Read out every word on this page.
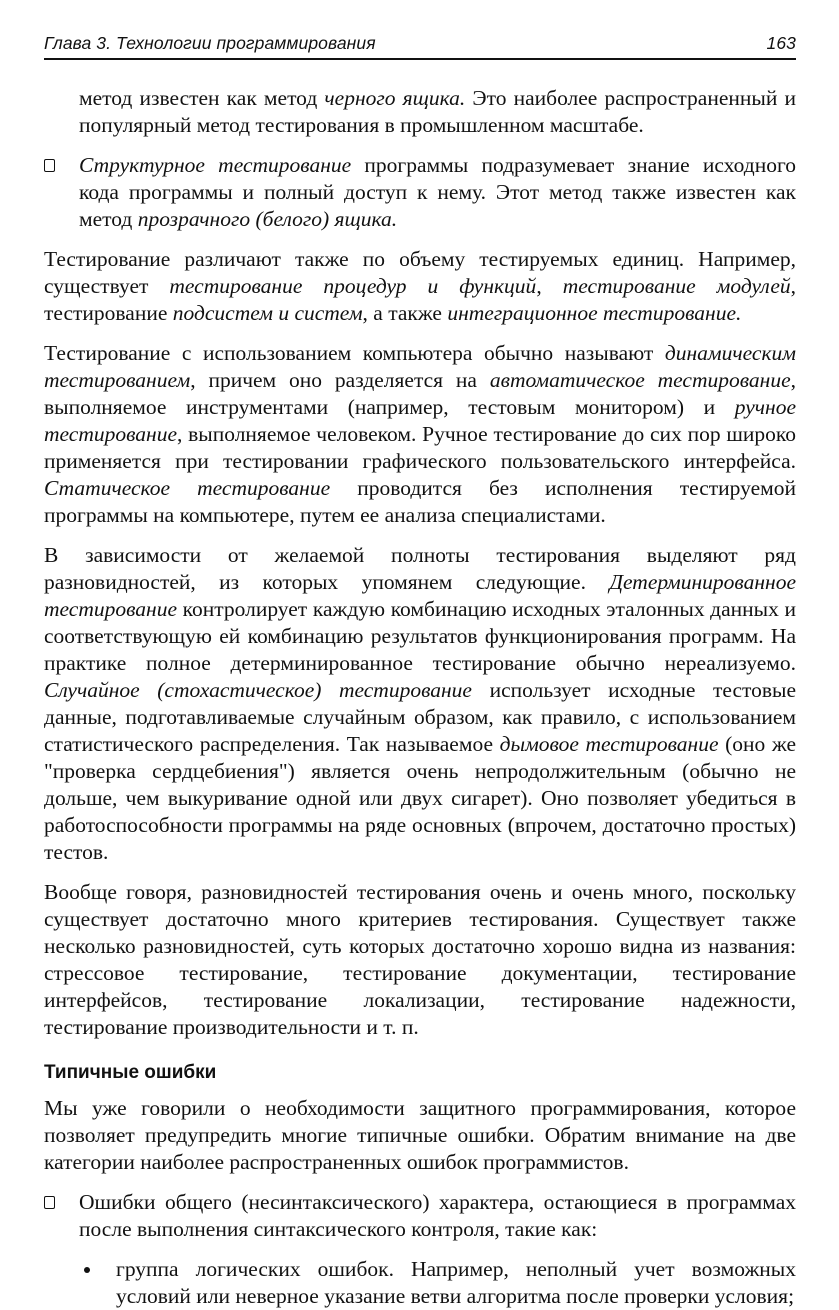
Глава 3. Технологии программирования	163

метод известен как метод черного ящика. Это наиболее распространенный и популярный метод тестирования в промышленном масштабе.

Структурное тестирование программы подразумевает знание исходного кода программы и полный доступ к нему. Этот метод также известен как метод прозрачного (белого) ящика.

Тестирование различают также по объему тестируемых единиц. Например, существует тестирование процедур и функций, тестирование модулей, тестирование подсистем и систем, а также интеграционное тестирование.

Тестирование с использованием компьютера обычно называют динамическим тестированием, причем оно разделяется на автоматическое тестирование, выполняемое инструментами (например, тестовым монитором) и ручное тестирование, выполняемое человеком. Ручное тестирование до сих пор широко применяется при тестировании графического пользовательского интерфейса. Статическое тестирование проводится без исполнения тестируемой программы на компьютере, путем ее анализа специалистами.

В зависимости от желаемой полноты тестирования выделяют ряд разновидностей, из которых упомянем следующие. Детерминированное тестирование контролирует каждую комбинацию исходных эталонных данных и соответствующую ей комбинацию результатов функционирования программ. На практике полное детерминированное тестирование обычно нереализуемо. Случайное (стохастическое) тестирование использует исходные тестовые данные, подготавливаемые случайным образом, как правило, с использованием статистического распределения. Так называемое дымовое тестирование (оно же "проверка сердцебиения") является очень непродолжительным (обычно не дольше, чем выкуривание одной или двух сигарет). Оно позволяет убедиться в работоспособности программы на ряде основных (впрочем, достаточно простых) тестов.

Вообще говоря, разновидностей тестирования очень и очень много, поскольку существует достаточно много критериев тестирования. Существует также несколько разновидностей, суть которых достаточно хорошо видна из названия: стрессовое тестирование, тестирование документации, тестирование интерфейсов, тестирование локализации, тестирование надежности, тестирование производительности и т. п.

Типичные ошибки

Мы уже говорили о необходимости защитного программирования, которое позволяет предупредить многие типичные ошибки. Обратим внимание на две категории наиболее распространенных ошибок программистов.

Ошибки общего (несинтаксического) характера, остающиеся в программах после выполнения синтаксического контроля, такие как:
группа логических ошибок. Например, неполный учет возможных условий или неверное указание ветви алгоритма после проверки условия;
